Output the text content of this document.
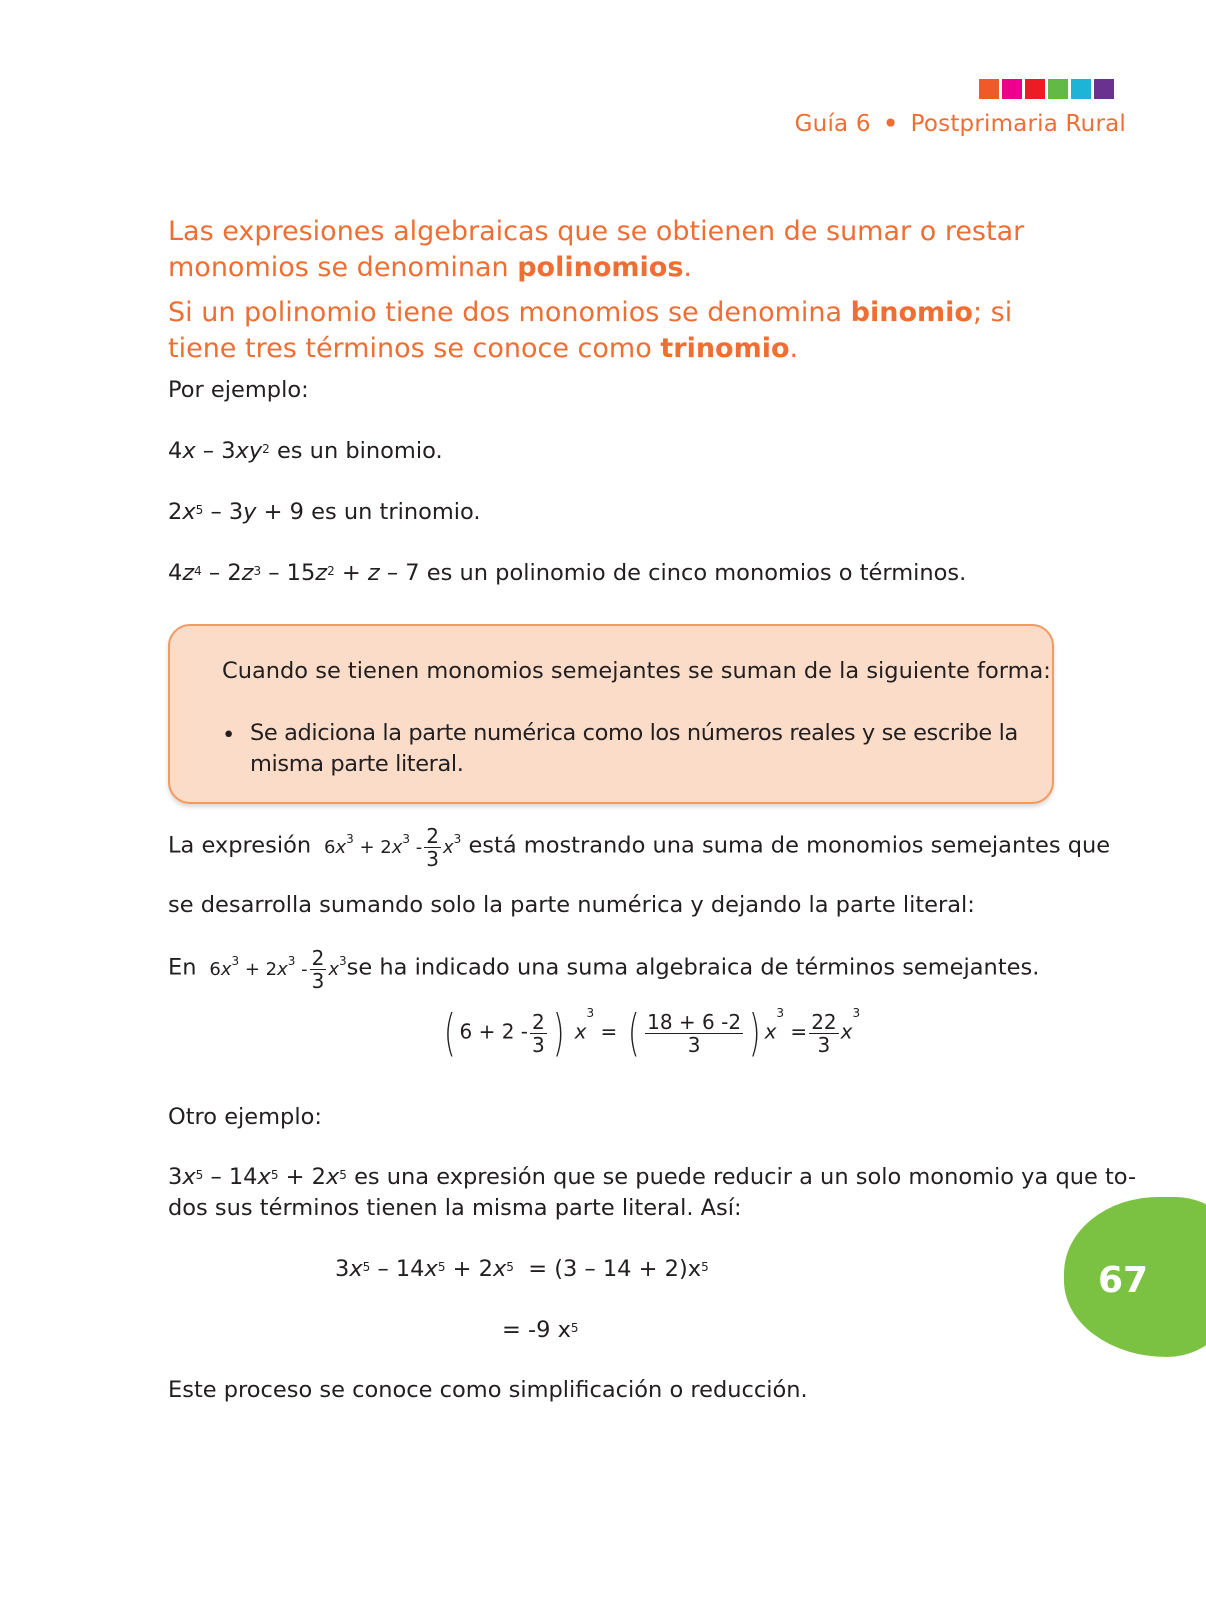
Guía 6 • Postprimaria Rural
Las expresiones algebraicas que se obtienen de sumar o restar monomios se denominan polinomios.
Si un polinomio tiene dos monomios se denomina binomio; si tiene tres términos se conoce como trinomio.
Por ejemplo:
$4x - 3xy^2$ es un binomio.
$2x^5 - 3y + 9$ es un trinomio.
$4z^4 - 2z^3 - 15z^2 + z - 7$ es un polinomio de cinco monomios o términos.
Cuando se tienen monomios semejantes se suman de la siguiente forma:
• Se adiciona la parte numérica como los números reales y se escribe la misma parte literal.
La expresión  $6x^3 + 2x^3 - \frac{2}{3} x^3$ está mostrando una suma de monomios semejantes que
se desarrolla sumando solo la parte numérica y dejando la parte literal:
En  $6x^3 + 2x^3 - \frac{2}{3} x^3se$ ha indicado una suma algebraica de términos semejantes.
( $6 + 2 - \frac{2}{3}$ ) $x^3$ = ( $\frac{18 + 6 -2}{3}$ ) $x^3 = \frac{22}{3} x^3$
Otro ejemplo:
$3x^5 - 14x^5 + 2x^5$ es una expresión que se puede reducir a un solo monomio ya que to-
dos sus términos tienen la misma parte literal. Así:
$3x^5 - 14x^5 + 2x^5 = (3 - 14 + 2)x^5$
= -9 $x^5$
Este proceso se conoce como simplificación o reducción.
67
